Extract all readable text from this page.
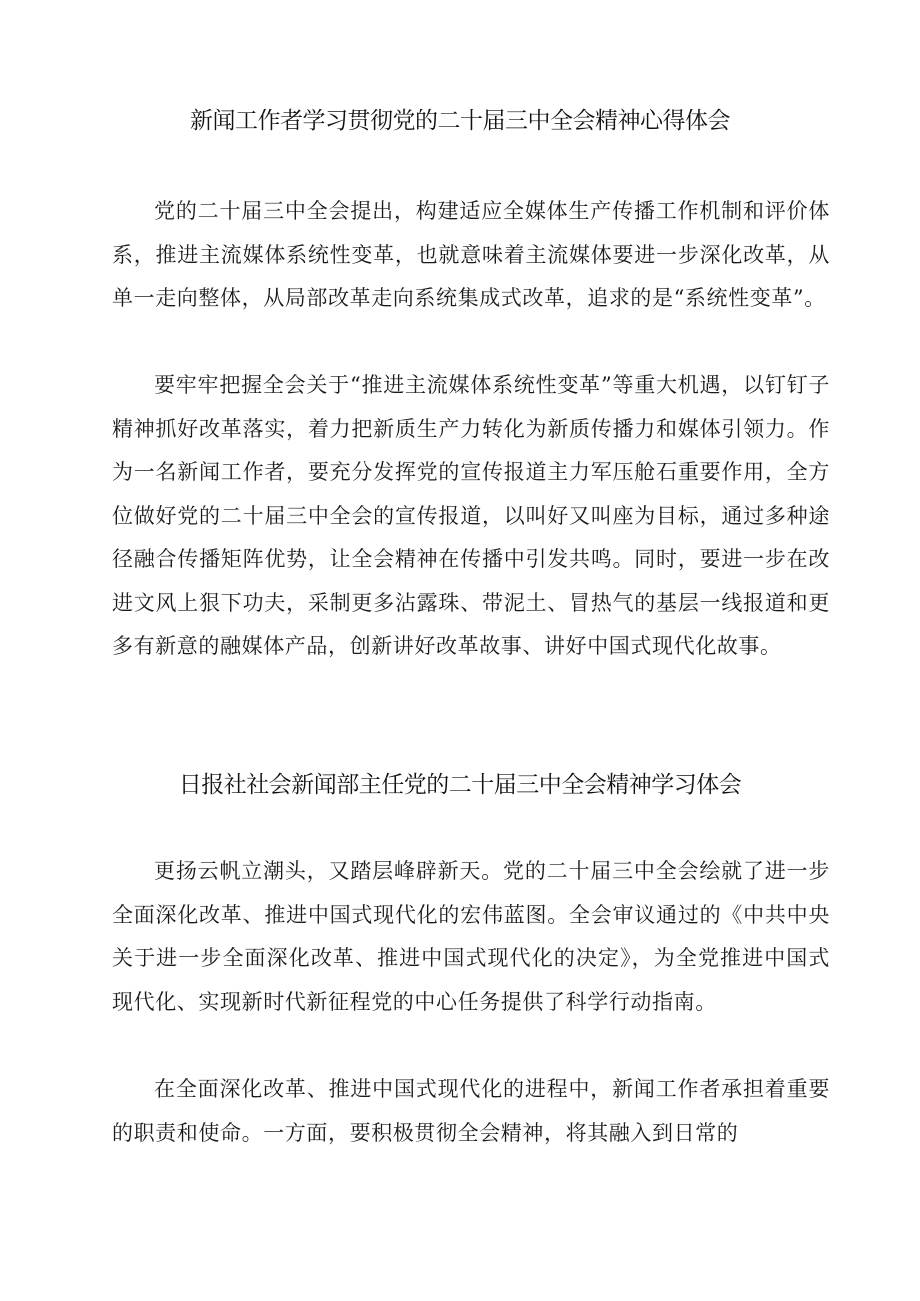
新闻工作者学习贯彻党的二十届三中全会精神心得体会

党的二十届三中全会提出，构建适应全媒体生产传播工作机制和评价体系，推进主流媒体系统性变革，也就意味着主流媒体要进一步深化改革，从单一走向整体，从局部改革走向系统集成式改革，追求的是“系统性变革”。

要牢牢把握全会关于“推进主流媒体系统性变革”等重大机遇，以钉钉子精神抓好改革落实，着力把新质生产力转化为新质传播力和媒体引领力。作为一名新闻工作者，要充分发挥党的宣传报道主力军压舱石重要作用，全方位做好党的二十届三中全会的宣传报道，以叫好又叫座为目标，通过多种途径融合传播矩阵优势，让全会精神在传播中引发共鸣。同时，要进一步在改进文风上狠下功夫，采制更多沾露珠、带泥土、冒热气的基层一线报道和更多有新意的融媒体产品，创新讲好改革故事、讲好中国式现代化故事。

日报社社会新闻部主任党的二十届三中全会精神学习体会

更扬云帆立潮头，又踏层峰辟新天。党的二十届三中全会绘就了进一步全面深化改革、推进中国式现代化的宏伟蓝图。全会审议通过的《中共中央关于进一步全面深化改革、推进中国式现代化的决定》，为全党推进中国式现代化、实现新时代新征程党的中心任务提供了科学行动指南。

在全面深化改革、推进中国式现代化的进程中，新闻工作者承担着重要的职责和使命。一方面，要积极贯彻全会精神，将其融入到日常的
